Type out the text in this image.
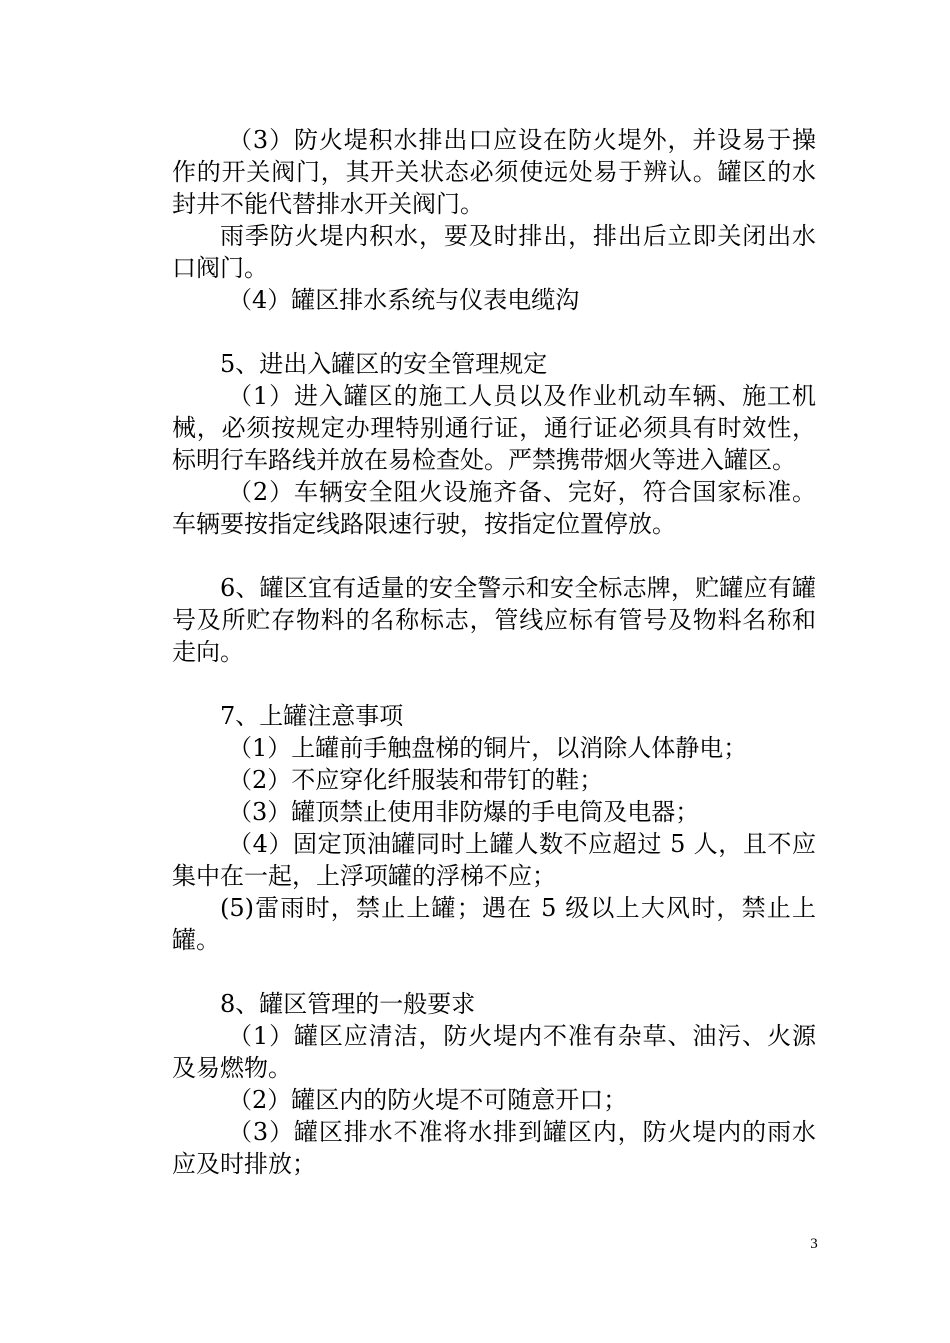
（3）防火堤积水排出口应设在防火堤外，并设易于操作的开关阀门，其开关状态必须使远处易于辨认。罐区的水封井不能代替排水开关阀门。

雨季防火堤内积水，要及时排出，排出后立即关闭出水口阀门。

（4）罐区排水系统与仪表电缆沟

5、进出入罐区的安全管理规定

（1）进入罐区的施工人员以及作业机动车辆、施工机械，必须按规定办理特别通行证，通行证必须具有时效性，标明行车路线并放在易检查处。严禁携带烟火等进入罐区。

（2）车辆安全阻火设施齐备、完好，符合国家标准。车辆要按指定线路限速行驶，按指定位置停放。

6、罐区宜有适量的安全警示和安全标志牌，贮罐应有罐号及所贮存物料的名称标志，管线应标有管号及物料名称和走向。

7、上罐注意事项

（1）上罐前手触盘梯的铜片，以消除人体静电；

（2）不应穿化纤服装和带钉的鞋；

（3）罐顶禁止使用非防爆的手电筒及电器；

（4）固定顶油罐同时上罐人数不应超过 5 人，且不应集中在一起，上浮项罐的浮梯不应；

(5)雷雨时，禁止上罐；遇在 5 级以上大风时，禁止上罐。

8、罐区管理的一般要求

（1）罐区应清洁，防火堤内不准有杂草、油污、火源及易燃物。

（2）罐区内的防火堤不可随意开口；

（3）罐区排水不准将水排到罐区内，防火堤内的雨水应及时排放；

3
